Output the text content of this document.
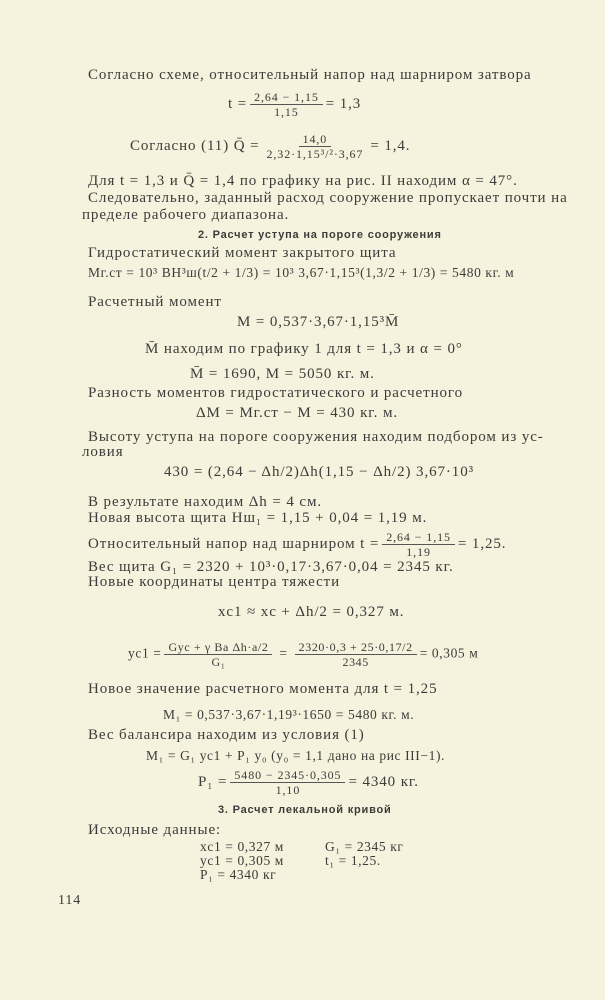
Согласно схеме, относительный напор над шарниром затвора
$t = \frac{2,64 - 1,15}{1,15} = 1,3$
Согласно (11) Q̄ = $\frac{14,0}{\text{2,32·1,15³/²·3,67}} = 1,4$.
Для t = 1,3 и Q̄ = 1,4 по графику на рис. II находим α = 47°.
Следовательно, заданный расход сооружение пропускает почти на
пределе рабочего диапазона.
2. Расчет уступа на пороге сооружения
Гидростатический момент закрытого щита
Mг.ст = 10³ BH³ш(t/2 + 1/3) = 10³ 3,67·1,15³(1,3/2 + 1/3) = 5480 кг. м
Расчетный момент
M = 0,537·3,67·1,15³M̄
M̄ находим по графику 1 для t = 1,3 и α = 0°
M̄ = 1690, M = 5050 кг. м.
Разность моментов гидростатического и расчетного
ΔM = Mг.ст − M = 430 кг. м.
Высоту уступа на пороге сооружения находим подбором из ус-
ловия
430 = (2,64 − Δh/2)Δh(1,15 − Δh/2) 3,67·10³
В результате находим Δh = 4 см.
Новая высота щита Hш₁ = 1,15 + 0,04 = 1,19 м.
Относительный напор над шарниром $t = \frac{2,64 - 1,15}{1,19} = 1,25$.
Вес щита G₁ = 2320 + 10³·0,17·3,67·0,04 = 2345 кг.
Новые координаты центра тяжести
xc1 ≈ xc + Δh/2 = 0,327 м.
$yc1 = \frac{\text{Gyc + γ Ba Δh·a/2}}{\text{G₁}} = \frac{2320\cdot 0,3 + 25\cdot 0,17/2}{2345} = 0,305$ м
Новое значение расчетного момента для t = 1,25
M₁ = 0,537·3,67·1,19³·1650 = 5480 кг. м.
Вес балансира находим из условия (1)
M₁ = G₁ yc1 + P₁ y₀ (y₀ = 1,1 дано на рис III−1).
$P_1 = \frac{5480 - 2345\cdot 0,305}{1,10} = 4340$ кг.
3. Расчет лекальной кривой
Исходные данные:
xc1 = 0,327 м	G₁ = 2345 кг
yc1 = 0,305 м	t₁ = 1,25.
P₁ = 4340 кг
114
